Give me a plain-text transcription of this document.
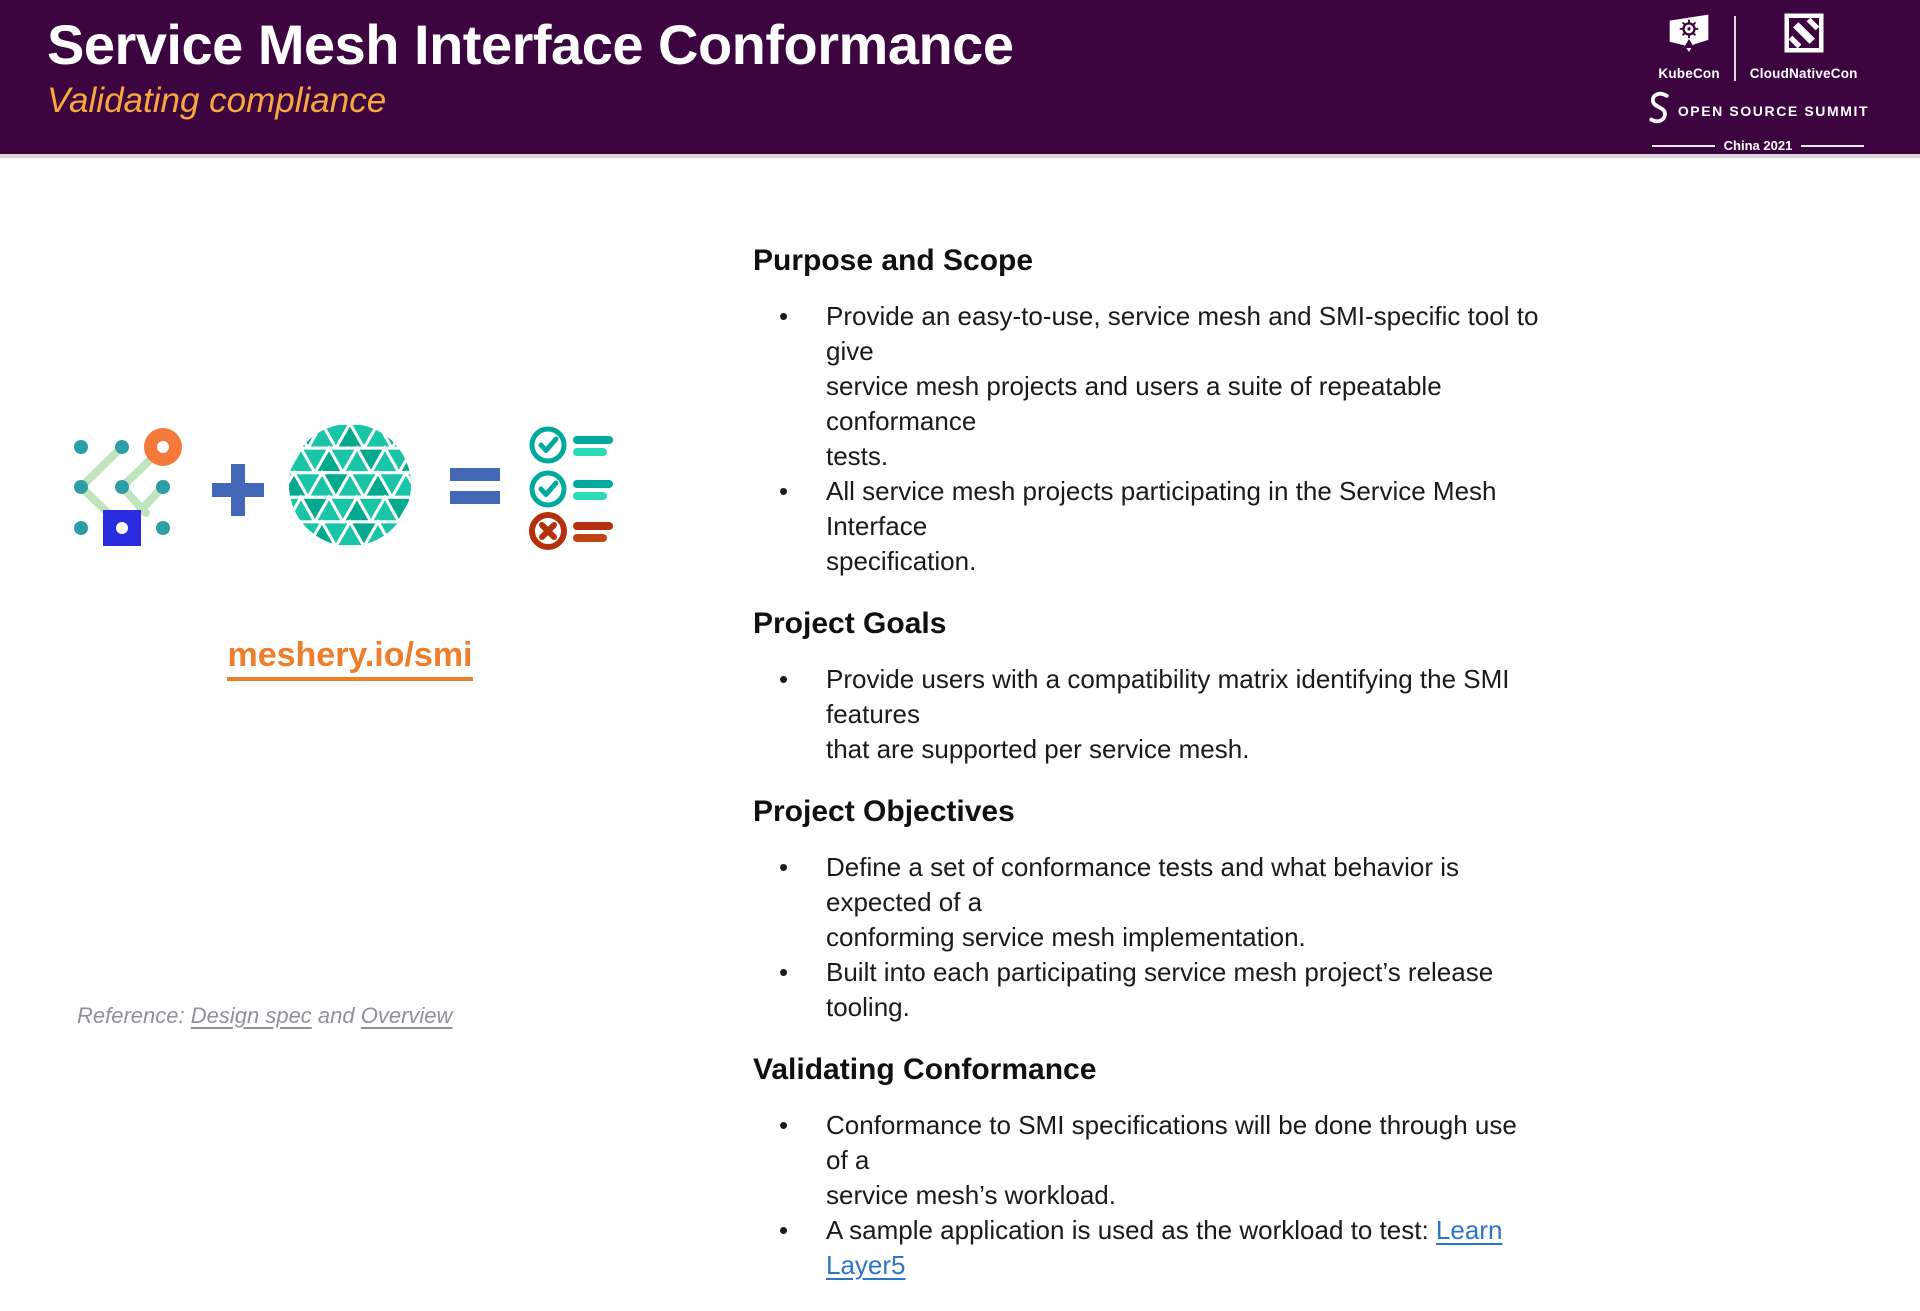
Service Mesh Interface Conformance
Validating compliance
KubeCon CloudNativeCon
OPEN SOURCE SUMMIT
China 2021
meshery.io/smi
Purpose and Scope
• Provide an easy-to-use, service mesh and SMI-specific tool to give
service mesh projects and users a suite of repeatable conformance
tests.
• All service mesh projects participating in the Service Mesh Interface
specification.
Project Goals
• Provide users with a compatibility matrix identifying the SMI features
that are supported per service mesh.
Project Objectives
• Define a set of conformance tests and what behavior is expected of a
conforming service mesh implementation.
• Built into each participating service mesh project’s release tooling.
Validating Conformance
• Conformance to SMI specifications will be done through use of a
service mesh’s workload.
• A sample application is used as the workload to test: Learn Layer5
Reference: Design spec and Overview
